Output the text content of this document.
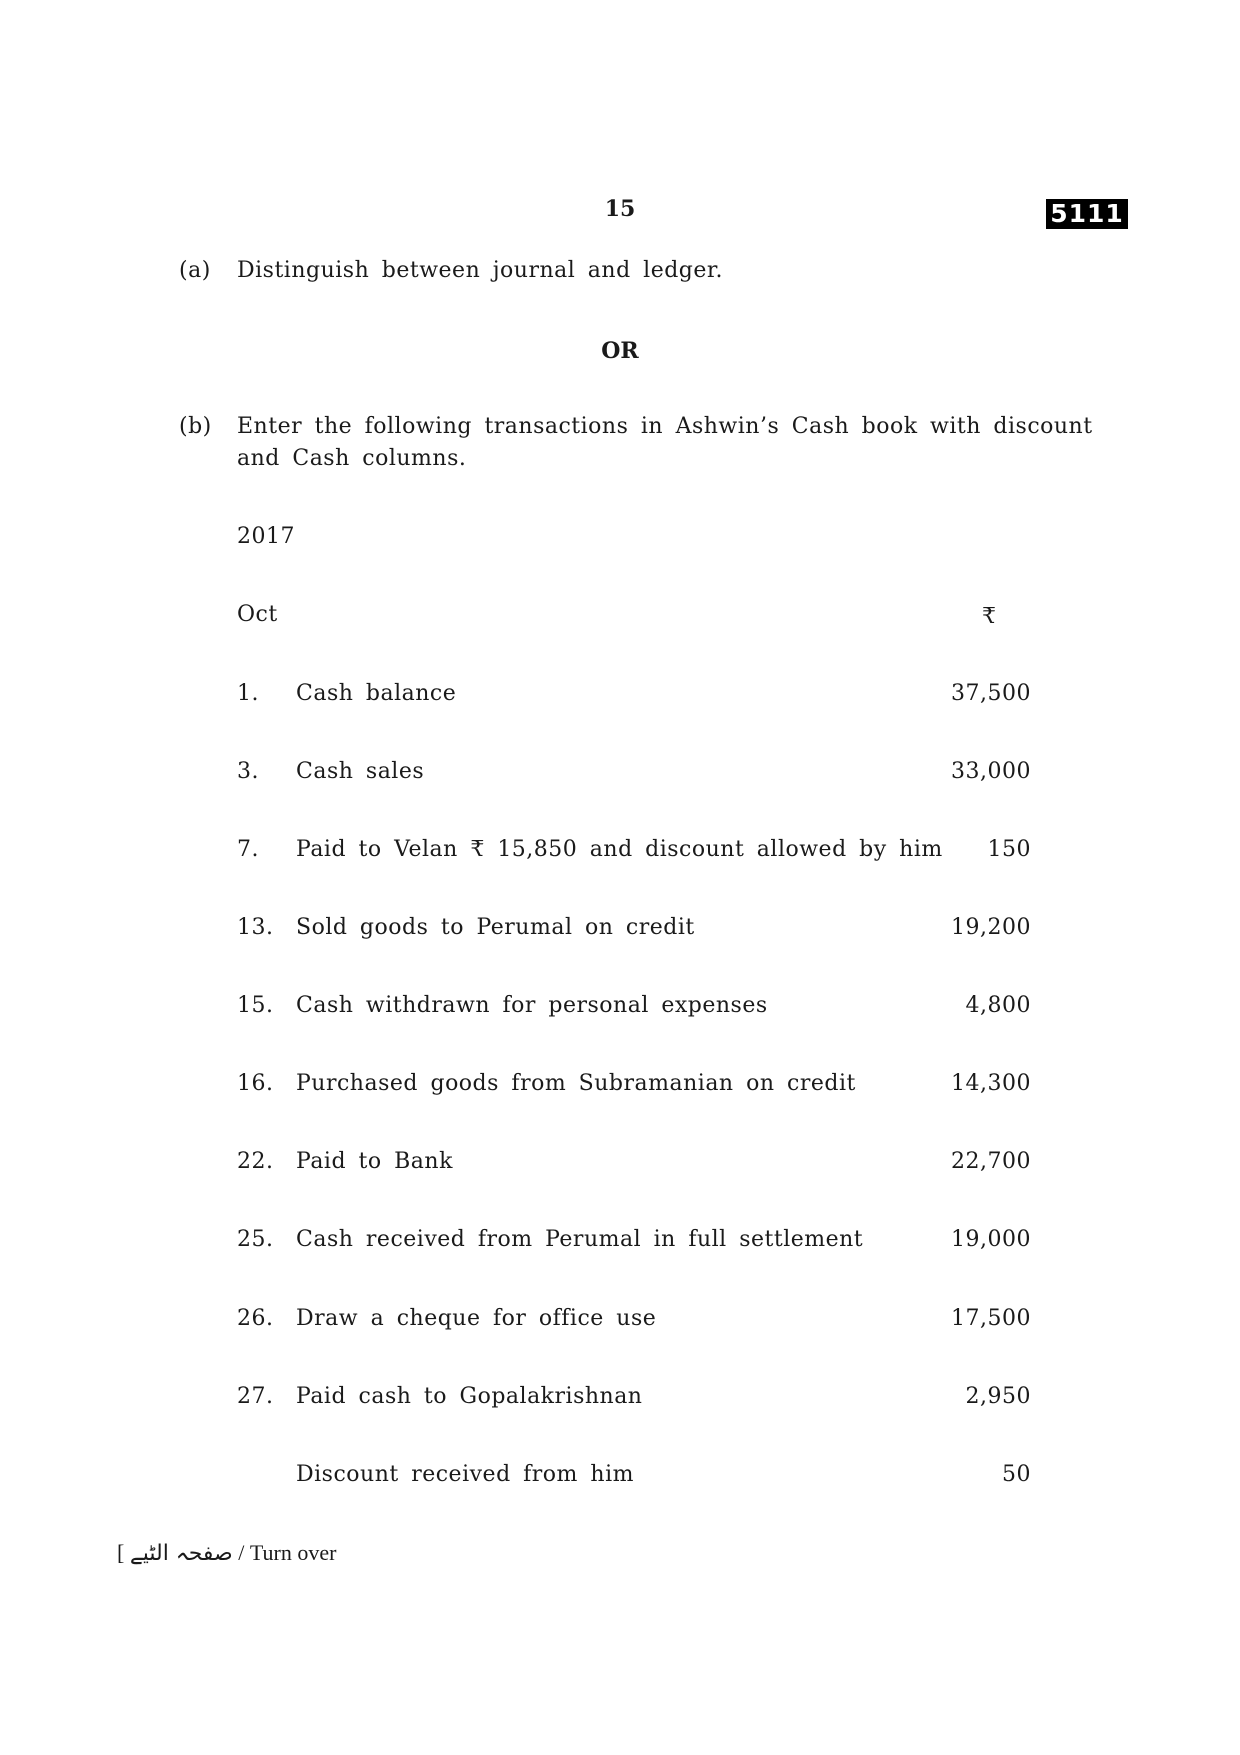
15	5111
(a) Distinguish between journal and ledger.
OR
(b) Enter the following transactions in Ashwin’s Cash book with discount
and Cash columns.
2017
Oct	₹
1.	Cash balance	37,500
3.	Cash sales	33,000
7.	Paid to Velan ₹ 15,850 and discount allowed by him 150
13.	Sold goods to Perumal on credit	19,200
15.	Cash withdrawn for personal expenses	4,800
16.	Purchased goods from Subramanian on credit	14,300
22.	Paid to Bank	22,700
25.	Cash received from Perumal in full settlement	19,000
26.	Draw a cheque for office use	17,500
27.	Paid cash to Gopalakrishnan	2,950
Discount received from him	50
[ صفحہ الٹیے / Turn over
